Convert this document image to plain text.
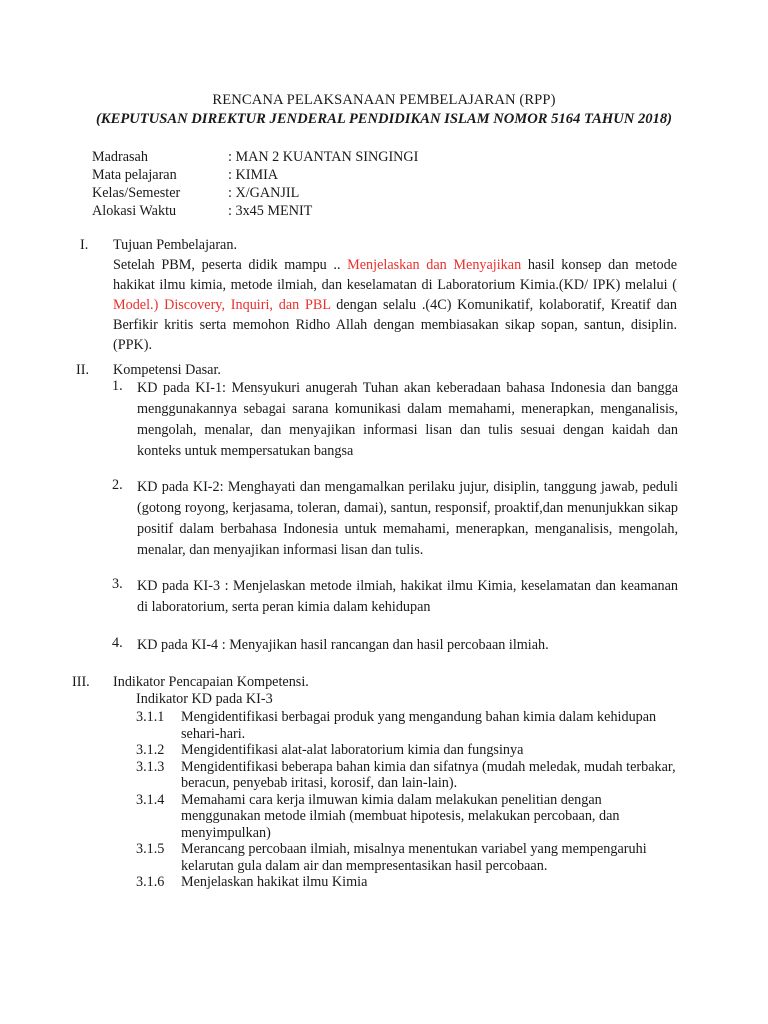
RENCANA PELAKSANAAN PEMBELAJARAN (RPP)
(KEPUTUSAN DIREKTUR JENDERAL PENDIDIKAN ISLAM NOMOR 5164 TAHUN 2018)
Madrasah	: MAN 2 KUANTAN SINGINGI
Mata pelajaran	: KIMIA
Kelas/Semester	: X/GANJIL
Alokasi Waktu	: 3x45 MENIT
I.	Tujuan Pembelajaran.
Setelah PBM, peserta didik mampu .. Menjelaskan dan Menyajikan hasil konsep dan metode hakikat ilmu kimia, metode ilmiah, dan keselamatan di Laboratorium Kimia.(KD/ IPK) melalui ( Model.) Discovery, Inquiri, dan PBL dengan selalu .(4C) Komunikatif, kolaboratif, Kreatif dan Berfikir kritis serta memohon Ridho Allah dengan membiasakan sikap sopan, santun, disiplin. (PPK).
II.	Kompetensi Dasar.
1. KD pada KI-1: Mensyukuri anugerah Tuhan akan keberadaan bahasa Indonesia dan bangga menggunakannya sebagai sarana komunikasi dalam memahami, menerapkan, menganalisis, mengolah, menalar, dan menyajikan informasi lisan dan tulis sesuai dengan kaidah dan konteks untuk mempersatukan bangsa
2. KD pada KI-2: Menghayati dan mengamalkan perilaku jujur, disiplin, tanggung jawab, peduli (gotong royong, kerjasama, toleran, damai), santun, responsif, proaktif,dan menunjukkan sikap positif dalam berbahasa Indonesia untuk memahami, menerapkan, menganalisis, mengolah, menalar, dan menyajikan informasi lisan dan tulis.
3. KD pada KI-3 : Menjelaskan metode ilmiah, hakikat ilmu Kimia, keselamatan dan keamanan di laboratorium, serta peran kimia dalam kehidupan
4. KD pada KI-4 : Menyajikan hasil rancangan dan hasil percobaan ilmiah.
III.	Indikator Pencapaian Kompetensi.
Indikator KD pada KI-3
3.1.1	Mengidentifikasi berbagai produk yang mengandung bahan kimia dalam kehidupan sehari-hari.
3.1.2	Mengidentifikasi alat-alat laboratorium kimia dan fungsinya
3.1.3	Mengidentifikasi beberapa bahan kimia dan sifatnya (mudah meledak, mudah terbakar, beracun, penyebab iritasi, korosif, dan lain-lain).
3.1.4	Memahami cara kerja ilmuwan kimia dalam melakukan penelitian dengan menggunakan metode ilmiah (membuat hipotesis, melakukan percobaan, dan menyimpulkan)
3.1.5	Merancang percobaan ilmiah, misalnya menentukan variabel yang mempengaruhi kelarutan gula dalam air dan mempresentasikan hasil percobaan.
3.1.6	Menjelaskan hakikat ilmu Kimia
